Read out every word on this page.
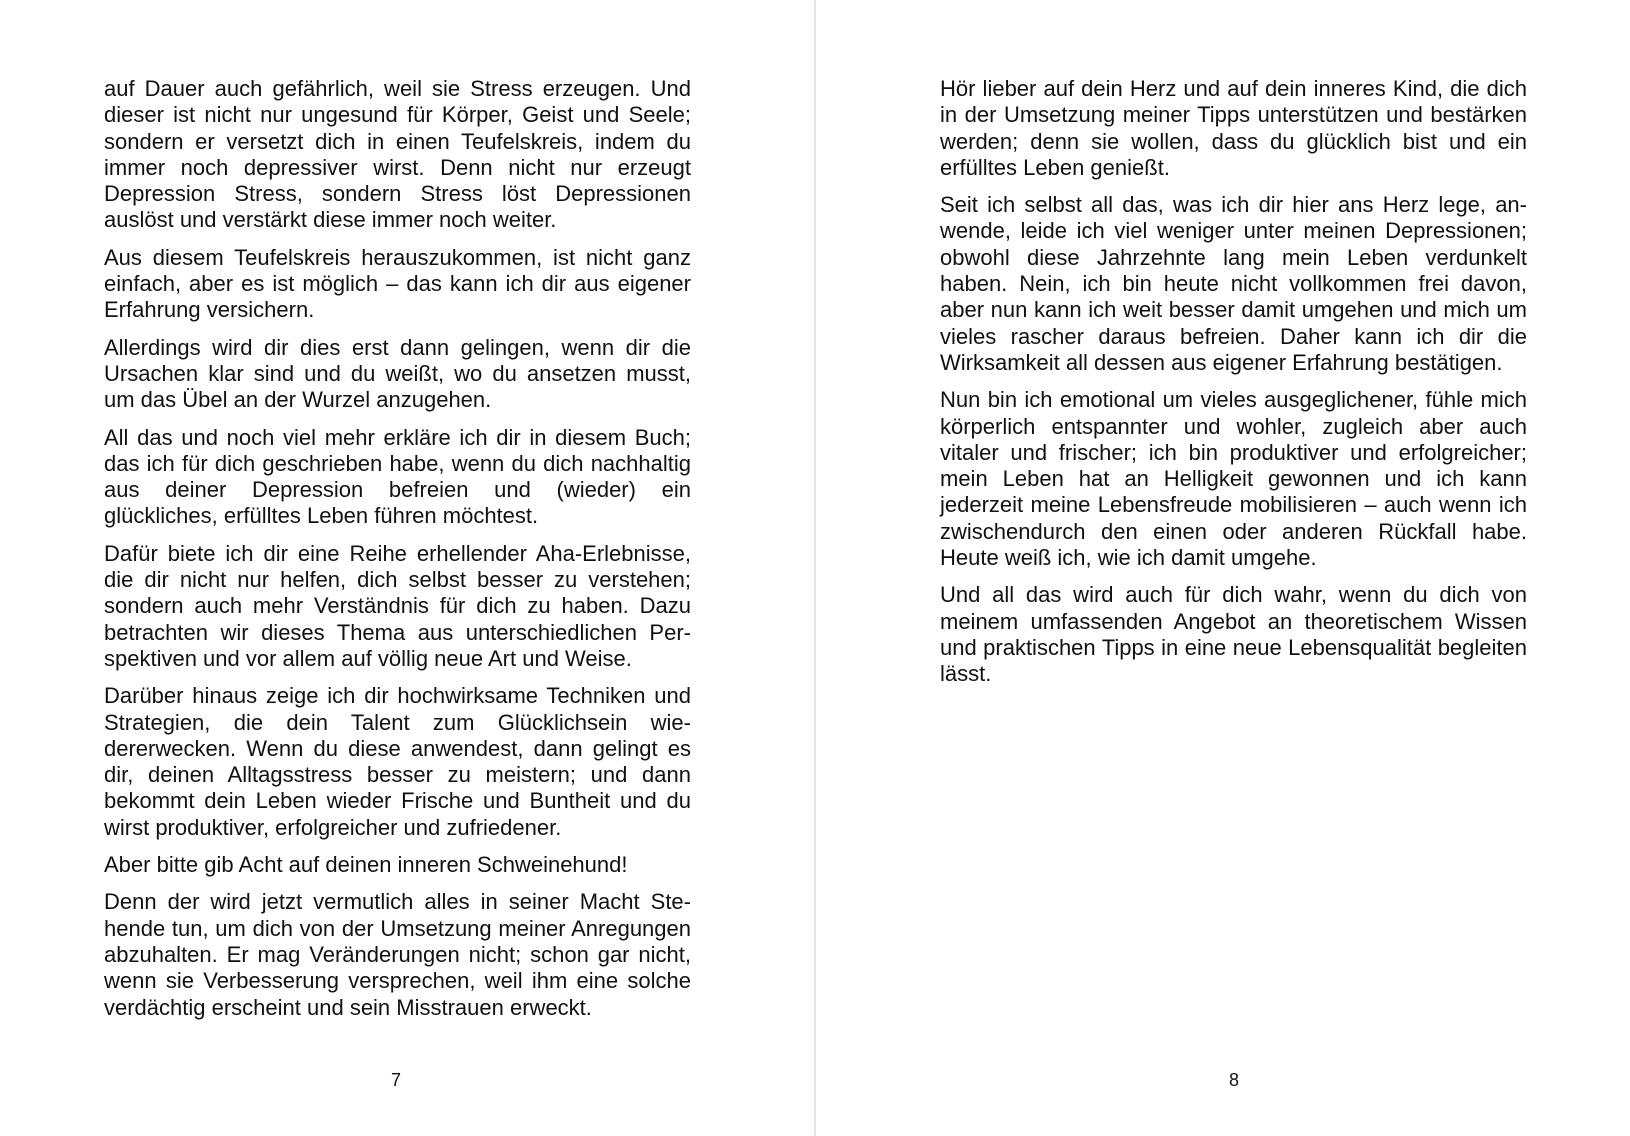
auf Dauer auch gefährlich, weil sie Stress erzeugen. Und dieser ist nicht nur ungesund für Körper, Geist und Seele; sondern er versetzt dich in einen Teufelskreis, indem du immer noch depressiver wirst. Denn nicht nur erzeugt Depression Stress, sondern Stress löst Depressionen auslöst und verstärkt diese immer noch weiter.

Aus diesem Teufelskreis herauszukommen, ist nicht ganz einfach, aber es ist möglich – das kann ich dir aus eigener Erfahrung versichern.

Allerdings wird dir dies erst dann gelingen, wenn dir die Ursachen klar sind und du weißt, wo du ansetzen musst, um das Übel an der Wurzel anzugehen.

All das und noch viel mehr erkläre ich dir in diesem Buch; das ich für dich geschrieben habe, wenn du dich nachhaltig aus deiner Depression befreien und (wieder) ein glückliches, erfülltes Leben führen möchtest.

Dafür biete ich dir eine Reihe erhellender Aha-Erlebnisse, die dir nicht nur helfen, dich selbst besser zu verstehen; sondern auch mehr Verständnis für dich zu haben. Dazu betrachten wir dieses Thema aus unterschiedlichen Perspektiven und vor allem auf völlig neue Art und Weise.

Darüber hinaus zeige ich dir hochwirksame Techniken und Strategien, die dein Talent zum Glücklichsein wiedererwecken. Wenn du diese anwendest, dann gelingt es dir, deinen Alltagsstress besser zu meistern; und dann bekommt dein Leben wieder Frische und Buntheit und du wirst produktiver, erfolgreicher und zufriedener.

Aber bitte gib Acht auf deinen inneren Schweinehund!

Denn der wird jetzt vermutlich alles in seiner Macht Stehende tun, um dich von der Umsetzung meiner Anregungen abzuhalten. Er mag Veränderungen nicht; schon gar nicht, wenn sie Verbesserung versprechen, weil ihm eine solche verdächtig erscheint und sein Misstrauen erweckt.

7

Hör lieber auf dein Herz und auf dein inneres Kind, die dich in der Umsetzung meiner Tipps unterstützen und bestärken werden; denn sie wollen, dass du glücklich bist und ein erfülltes Leben genießt.

Seit ich selbst all das, was ich dir hier ans Herz lege, anwende, leide ich viel weniger unter meinen Depressionen; obwohl diese Jahrzehnte lang mein Leben verdunkelt haben. Nein, ich bin heute nicht vollkommen frei davon, aber nun kann ich weit besser damit umgehen und mich um vieles rascher daraus befreien. Daher kann ich dir die Wirksamkeit all dessen aus eigener Erfahrung bestätigen.

Nun bin ich emotional um vieles ausgeglichener, fühle mich körperlich entspannter und wohler, zugleich aber auch vitaler und frischer; ich bin produktiver und erfolgreicher; mein Leben hat an Helligkeit gewonnen und ich kann jederzeit meine Lebensfreude mobilisieren – auch wenn ich zwischendurch den einen oder anderen Rückfall habe. Heute weiß ich, wie ich damit umgehe.

Und all das wird auch für dich wahr, wenn du dich von meinem umfassenden Angebot an theoretischem Wissen und praktischen Tipps in eine neue Lebensqualität begleiten lässt.

8
